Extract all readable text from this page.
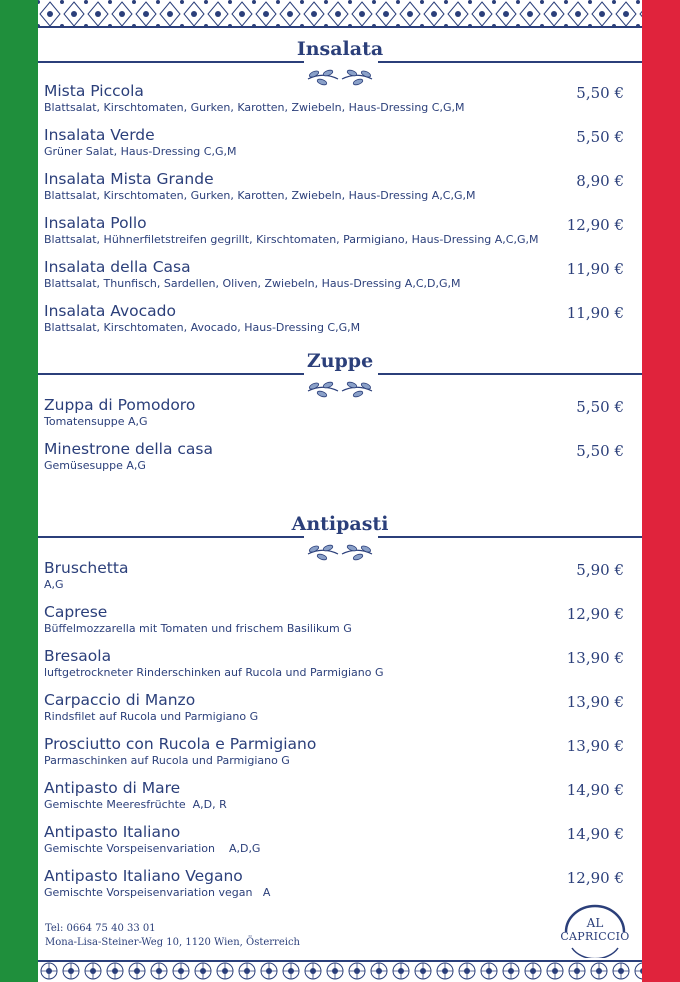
Insalata
Mista Piccola
Blattsalat, Kirschtomaten, Gurken, Karotten, Zwiebeln, Haus-Dressing C,G,M
5,50 €
Insalata Verde
Grüner Salat, Haus-Dressing C,G,M
5,50 €
Insalata Mista Grande
Blattsalat, Kirschtomaten, Gurken, Karotten, Zwiebeln, Haus-Dressing A,C,G,M
8,90 €
Insalata Pollo
Blattsalat, Hühnerfiletstreifen gegrillt, Kirschtomaten, Parmigiano, Haus-Dressing A,C,G,M
12,90 €
Insalata della Casa
Blattsalat, Thunfisch, Sardellen, Oliven, Zwiebeln, Haus-Dressing A,C,D,G,M
11,90 €
Insalata Avocado
Blattsalat, Kirschtomaten, Avocado, Haus-Dressing C,G,M
11,90 €
Zuppe
Zuppa di Pomodoro
Tomatensuppe A,G
5,50 €
Minestrone della casa
Gemüsesuppe A,G
5,50 €
Antipasti
Bruschetta
A,G
5,90 €
Caprese
Büffelmozzarella mit Tomaten und frischem Basilikum G
12,90 €
Bresaola
luftgetrockneter Rinderschinken auf Rucola und Parmigiano G
13,90 €
Carpaccio di Manzo
Rindsfilet auf Rucola und Parmigiano G
13,90 €
Prosciutto con Rucola e Parmigiano
Parmaschinken auf Rucola und Parmigiano G
13,90 €
Antipasto di Mare
Gemischte Meeresfrüchte  A,D, R
14,90 €
Antipasto Italiano
Gemischte Vorspeisenvariation    A,D,G
14,90 €
Antipasto Italiano Vegano
Gemischte Vorspeisenvariation vegan   A
12,90 €
Tel: 0664 75 40 33 01
Mona-Lisa-Steiner-Weg 10, 1120 Wien, Österreich
AL
CAPRICCIO
